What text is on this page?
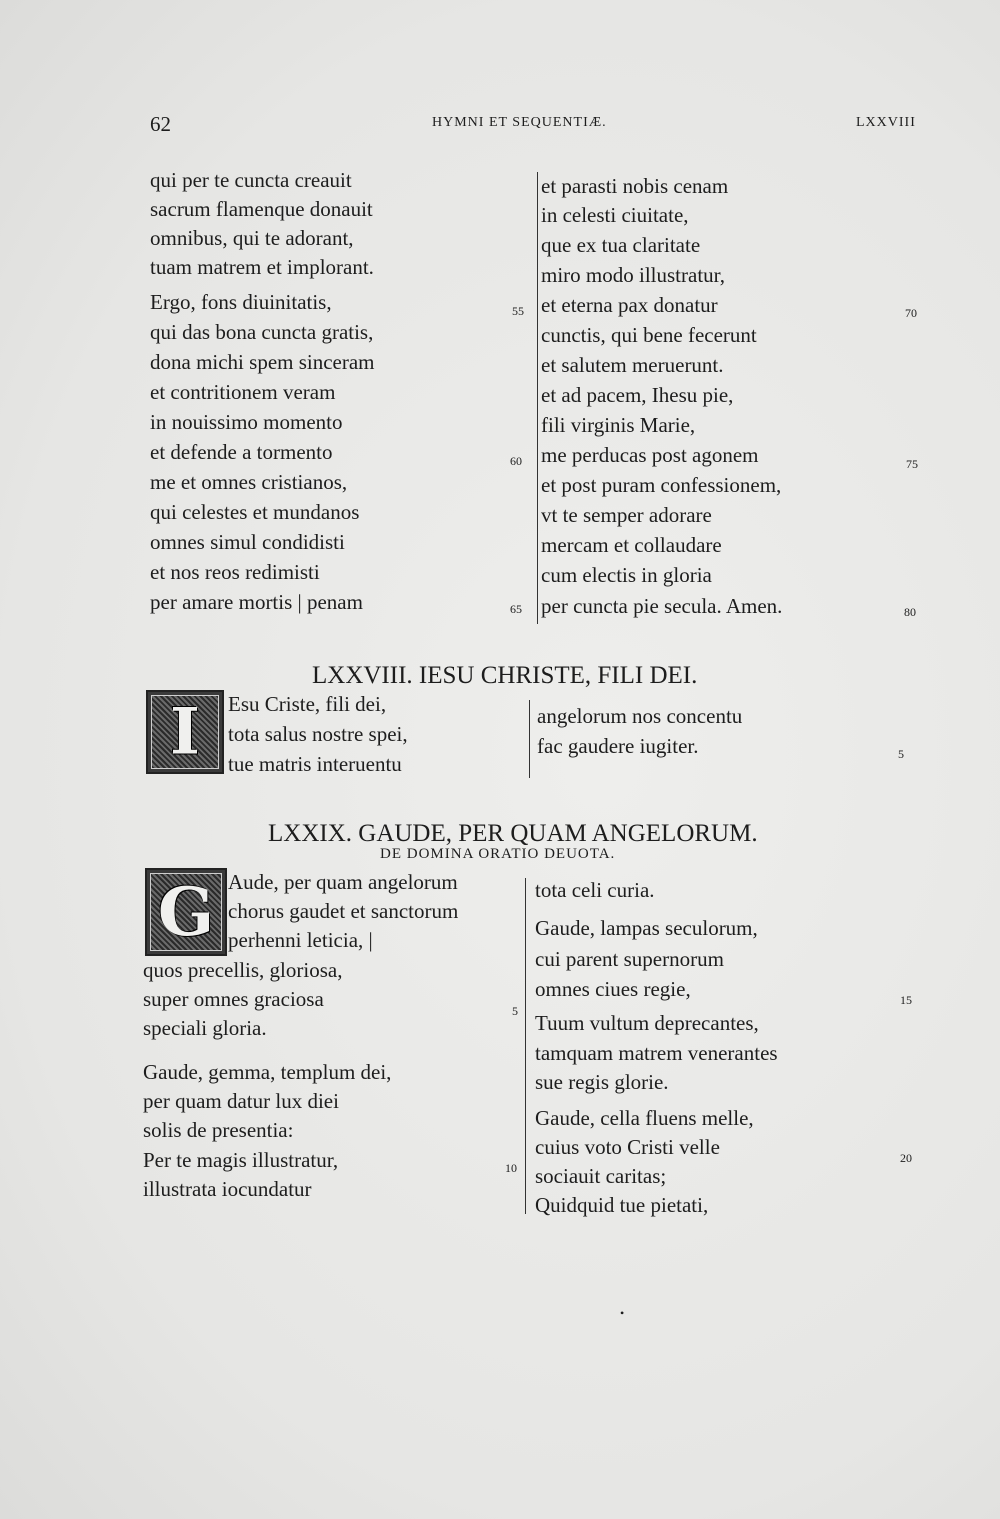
62	HYMNI ET SEQUENTIÆ.	LXXVIII
qui per te cuncta creauit
sacrum flamenque donauit
omnibus, qui te adorant,
tuam matrem et implorant.
Ergo, fons diuinitatis,
qui das bona cuncta gratis,
dona michi spem sinceram
et contritionem veram
in nouissimo momento
et defende a tormento
me et omnes cristianos,
qui celestes et mundanos
omnes simul condidisti
et nos reos redimisti
per amare mortis | penam
55
60
65
et parasti nobis cenam
in celesti ciuitate,
que ex tua claritate
miro modo illustratur,
et eterna pax donatur
cunctis, qui bene fecerunt
et salutem meruerunt.
et ad pacem, Ihesu pie,
fili virginis Marie,
me perducas post agonem
et post puram confessionem,
vt te semper adorare
mercam et collaudare
cum electis in gloria
per cuncta pie secula. Amen.
70
75
80
LXXVIII. IESU CHRISTE, FILI DEI.
I	Esu Criste, fili dei,
tota salus nostre spei,
tue matris interuentu
angelorum nos concentu
fac gaudere iugiter.	5
LXXIX. GAUDE, PER QUAM ANGELORUM.
DE DOMINA ORATIO DEUOTA.
G Aude, per quam angelorum
chorus gaudet et sanctorum
perhenni leticia, |
quos precellis, gloriosa,
super omnes graciosa
speciali gloria.
5
Gaude, gemma, templum dei,
per quam datur lux diei
solis de presentia:
Per te magis illustratur,
illustrata iocundatur
10
tota celi curia.
Gaude, lampas seculorum,
cui parent supernorum
omnes ciues regie,
Tuum vultum deprecantes,
tamquam matrem venerantes
sue regis glorie.
15
Gaude, cella fluens melle,
cuius voto Cristi velle
sociauit caritas;
Quidquid tue pietati,
20
•
